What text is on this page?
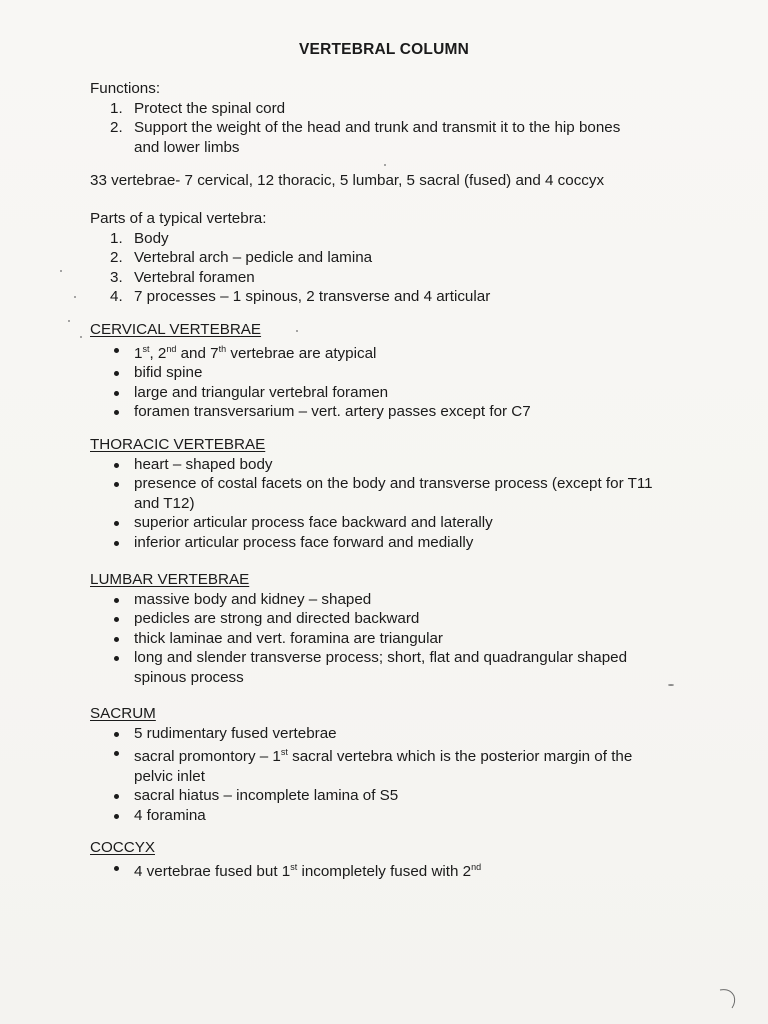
VERTEBRAL COLUMN

Functions:

1. Protect the spinal cord
2. Support the weight of the head and trunk and transmit it to the hip bones and lower limbs

33 vertebrae- 7 cervical, 12 thoracic, 5 lumbar, 5 sacral (fused) and 4 coccyx

Parts of a typical vertebra:

1. Body
2. Vertebral arch – pedicle and lamina
3. Vertebral foramen
4. 7 processes – 1 spinous, 2 transverse and 4 articular

CERVICAL VERTEBRAE

1st, 2nd and 7th vertebrae are atypical
bifid spine
large and triangular vertebral foramen
foramen transversarium – vert. artery passes except for C7

THORACIC VERTEBRAE

heart – shaped body
presence of costal facets on the body and transverse process (except for T11 and T12)
superior articular process face backward and laterally
inferior articular process face forward and medially

LUMBAR VERTEBRAE

massive body and kidney – shaped
pedicles are strong and directed backward
thick laminae and vert. foramina are triangular
long and slender transverse process; short, flat and quadrangular shaped spinous process

SACRUM

5 rudimentary fused vertebrae
sacral promontory – 1st sacral vertebra which is the posterior margin of the pelvic inlet
sacral hiatus – incomplete lamina of S5
4 foramina

COCCYX

4 vertebrae fused but 1st incompletely fused with 2nd
